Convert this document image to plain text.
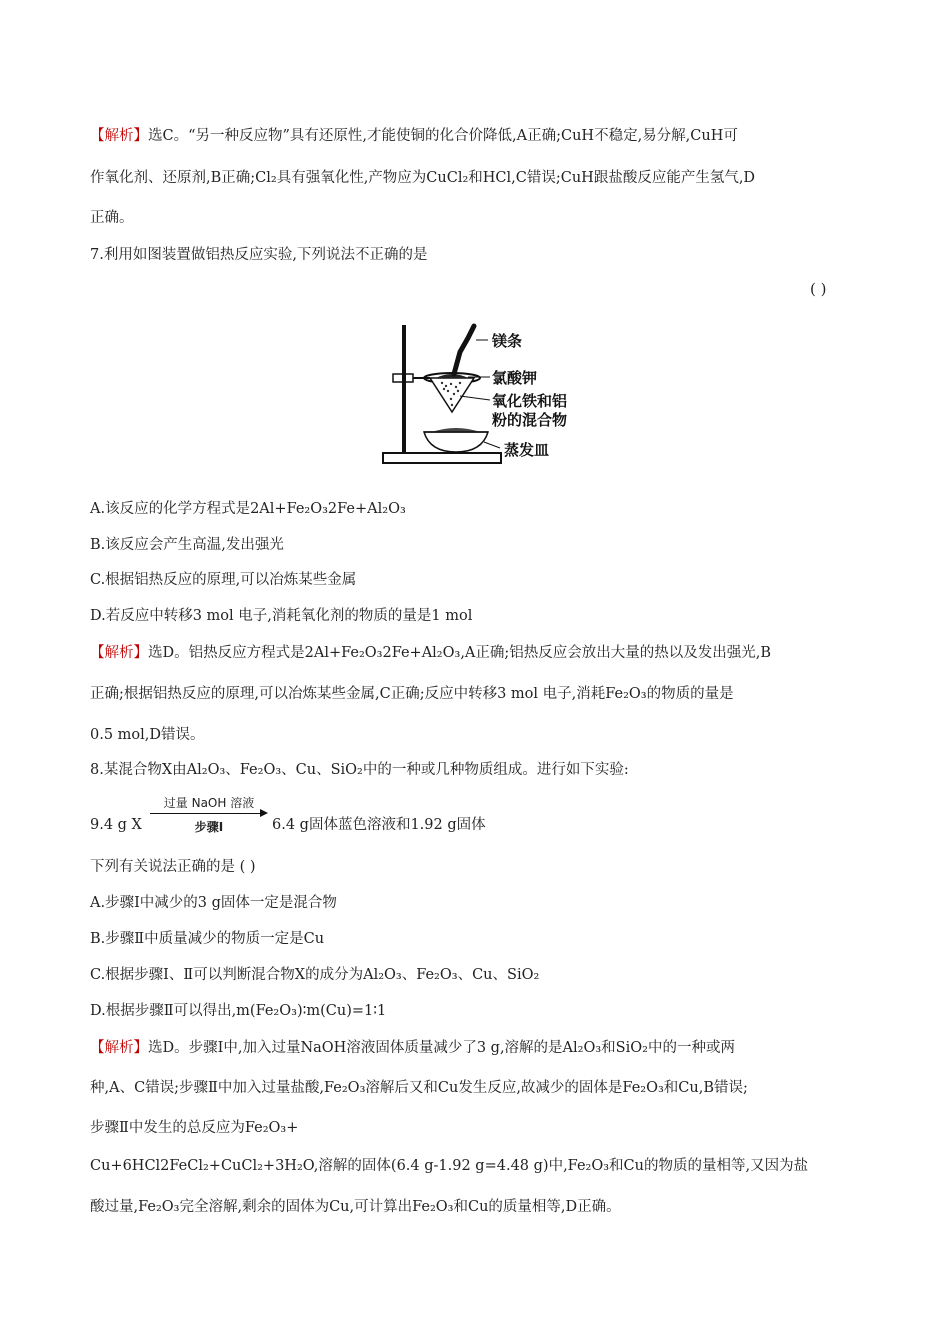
【解析】选C。“另一种反应物”具有还原性,才能使铜的化合价降低,A正确;CuH不稳定,易分解,CuH可
作氧化剂、还原剂,B正确;Cl₂具有强氧化性,产物应为CuCl₂和HCl,C错误;CuH跟盐酸反应能产生氢气,D
正确。
7.利用如图装置做铝热反应实验,下列说法不正确的是
( )
镁条
氯酸钾
氧化铁和铝
粉的混合物
蒸发皿
A.该反应的化学方程式是2Al+Fe₂O₃2Fe+Al₂O₃
B.该反应会产生高温,发出强光
C.根据铝热反应的原理,可以冶炼某些金属
D.若反应中转移3 mol 电子,消耗氧化剂的物质的量是1 mol
【解析】选D。铝热反应方程式是2Al+Fe₂O₃2Fe+Al₂O₃,A正确;铝热反应会放出大量的热以及发出强光,B
正确;根据铝热反应的原理,可以冶炼某些金属,C正确;反应中转移3 mol 电子,消耗Fe₂O₃的物质的量是
0.5 mol,D错误。
8.某混合物X由Al₂O₃、Fe₂O₃、Cu、SiO₂中的一种或几种物质组成。进行如下实验:
9.4 g X
过量 NaOH 溶液
步骤Ⅰ	6.4 g固体蓝色溶液和1.92 g固体
下列有关说法正确的是 ( )
A.步骤Ⅰ中减少的3 g固体一定是混合物
B.步骤Ⅱ中质量减少的物质一定是Cu
C.根据步骤Ⅰ、Ⅱ可以判断混合物X的成分为Al₂O₃、Fe₂O₃、Cu、SiO₂
D.根据步骤Ⅱ可以得出,m(Fe₂O₃)∶m(Cu)=1∶1
【解析】选D。步骤Ⅰ中,加入过量NaOH溶液固体质量减少了3 g,溶解的是Al₂O₃和SiO₂中的一种或两
种,A、C错误;步骤Ⅱ中加入过量盐酸,Fe₂O₃溶解后又和Cu发生反应,故减少的固体是Fe₂O₃和Cu,B错误;
步骤Ⅱ中发生的总反应为Fe₂O₃+
Cu+6HCl2FeCl₂+CuCl₂+3H₂O,溶解的固体(6.4 g-1.92 g=4.48 g)中,Fe₂O₃和Cu的物质的量相等,又因为盐
酸过量,Fe₂O₃完全溶解,剩余的固体为Cu,可计算出Fe₂O₃和Cu的质量相等,D正确。
